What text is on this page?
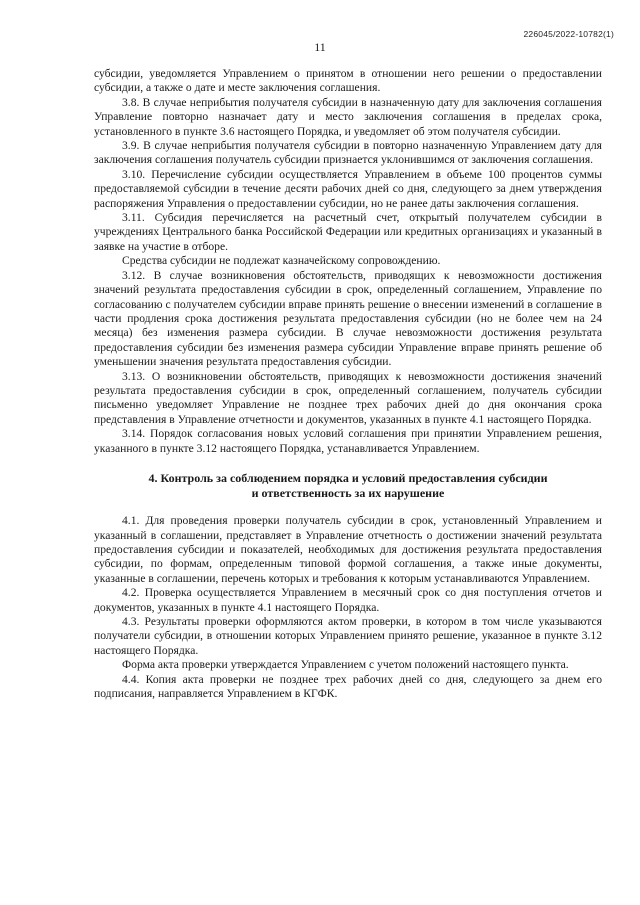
226045/2022-10782(1)
11

субсидии, уведомляется Управлением о принятом в отношении него решении о предоставлении субсидии, а также о дате и месте заключения соглашения.

3.8. В случае неприбытия получателя субсидии в назначенную дату для заключения соглашения Управление повторно назначает дату и место заключения соглашения в пределах срока, установленного в пункте 3.6 настоящего Порядка, и уведомляет об этом получателя субсидии.

3.9. В случае неприбытия получателя субсидии в повторно назначенную Управлением дату для заключения соглашения получатель субсидии признается уклонившимся от заключения соглашения.

3.10. Перечисление субсидии осуществляется Управлением в объеме 100 процентов суммы предоставляемой субсидии в течение десяти рабочих дней со дня, следующего за днем утверждения распоряжения Управления о предоставлении субсидии, но не ранее даты заключения соглашения.

3.11. Субсидия перечисляется на расчетный счет, открытый получателем субсидии в учреждениях Центрального банка Российской Федерации или кредитных организациях и указанный в заявке на участие в отборе.

Средства субсидии не подлежат казначейскому сопровождению.

3.12. В случае возникновения обстоятельств, приводящих к невозможности достижения значений результата предоставления субсидии в срок, определенный соглашением, Управление по согласованию с получателем субсидии вправе принять решение о внесении изменений в соглашение в части продления срока достижения результата предоставления субсидии (но не более чем на 24 месяца) без изменения размера субсидии. В случае невозможности достижения результата предоставления субсидии без изменения размера субсидии Управление вправе принять решение об уменьшении значения результата предоставления субсидии.

3.13. О возникновении обстоятельств, приводящих к невозможности достижения значений результата предоставления субсидии в срок, определенный соглашением, получатель субсидии письменно уведомляет Управление не позднее трех рабочих дней до дня окончания срока представления в Управление отчетности и документов, указанных в пункте 4.1 настоящего Порядка.

3.14. Порядок согласования новых условий соглашения при принятии Управлением решения, указанного в пункте 3.12 настоящего Порядка, устанавливается Управлением.

4. Контроль за соблюдением порядка и условий предоставления субсидии
и ответственность за их нарушение

4.1. Для проведения проверки получатель субсидии в срок, установленный Управлением и указанный в соглашении, представляет в Управление отчетность о достижении значений результата предоставления субсидии и показателей, необходимых для достижения результата предоставления субсидии, по формам, определенным типовой формой соглашения, а также иные документы, указанные в соглашении, перечень которых и требования к которым устанавливаются Управлением.

4.2. Проверка осуществляется Управлением в месячный срок со дня поступления отчетов и документов, указанных в пункте 4.1 настоящего Порядка.

4.3. Результаты проверки оформляются актом проверки, в котором в том числе указываются получатели субсидии, в отношении которых Управлением принято решение, указанное в пункте 3.12 настоящего Порядка.

Форма акта проверки утверждается Управлением с учетом положений настоящего пункта.

4.4. Копия акта проверки не позднее трех рабочих дней со дня, следующего за днем его подписания, направляется Управлением в КГФК.
